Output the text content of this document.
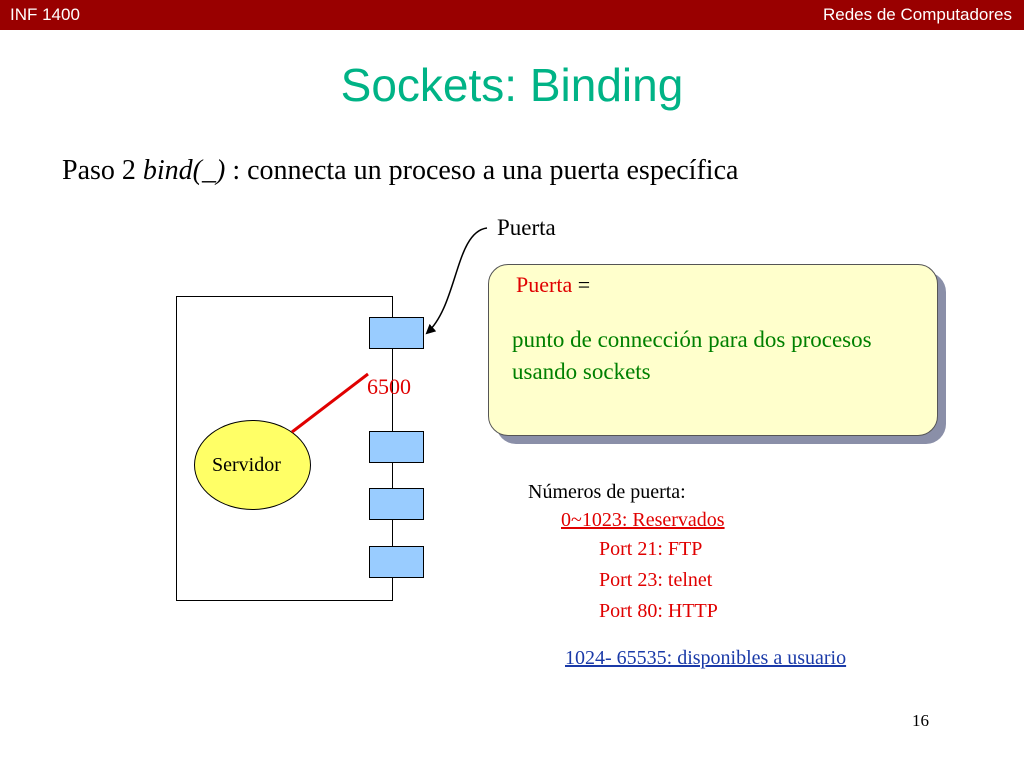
INF 1400	Redes de Computadores
Sockets: Binding
Paso 2 bind(_) : connecta un proceso a una puerta específica
6500
Servidor
Puerta
Puerta =
punto de connección para dos procesos usando sockets
Números de puerta:
0~1023: Reservados
Port 21: FTP
Port 23: telnet
Port 80: HTTP
1024- 65535: disponibles a usuario
16
